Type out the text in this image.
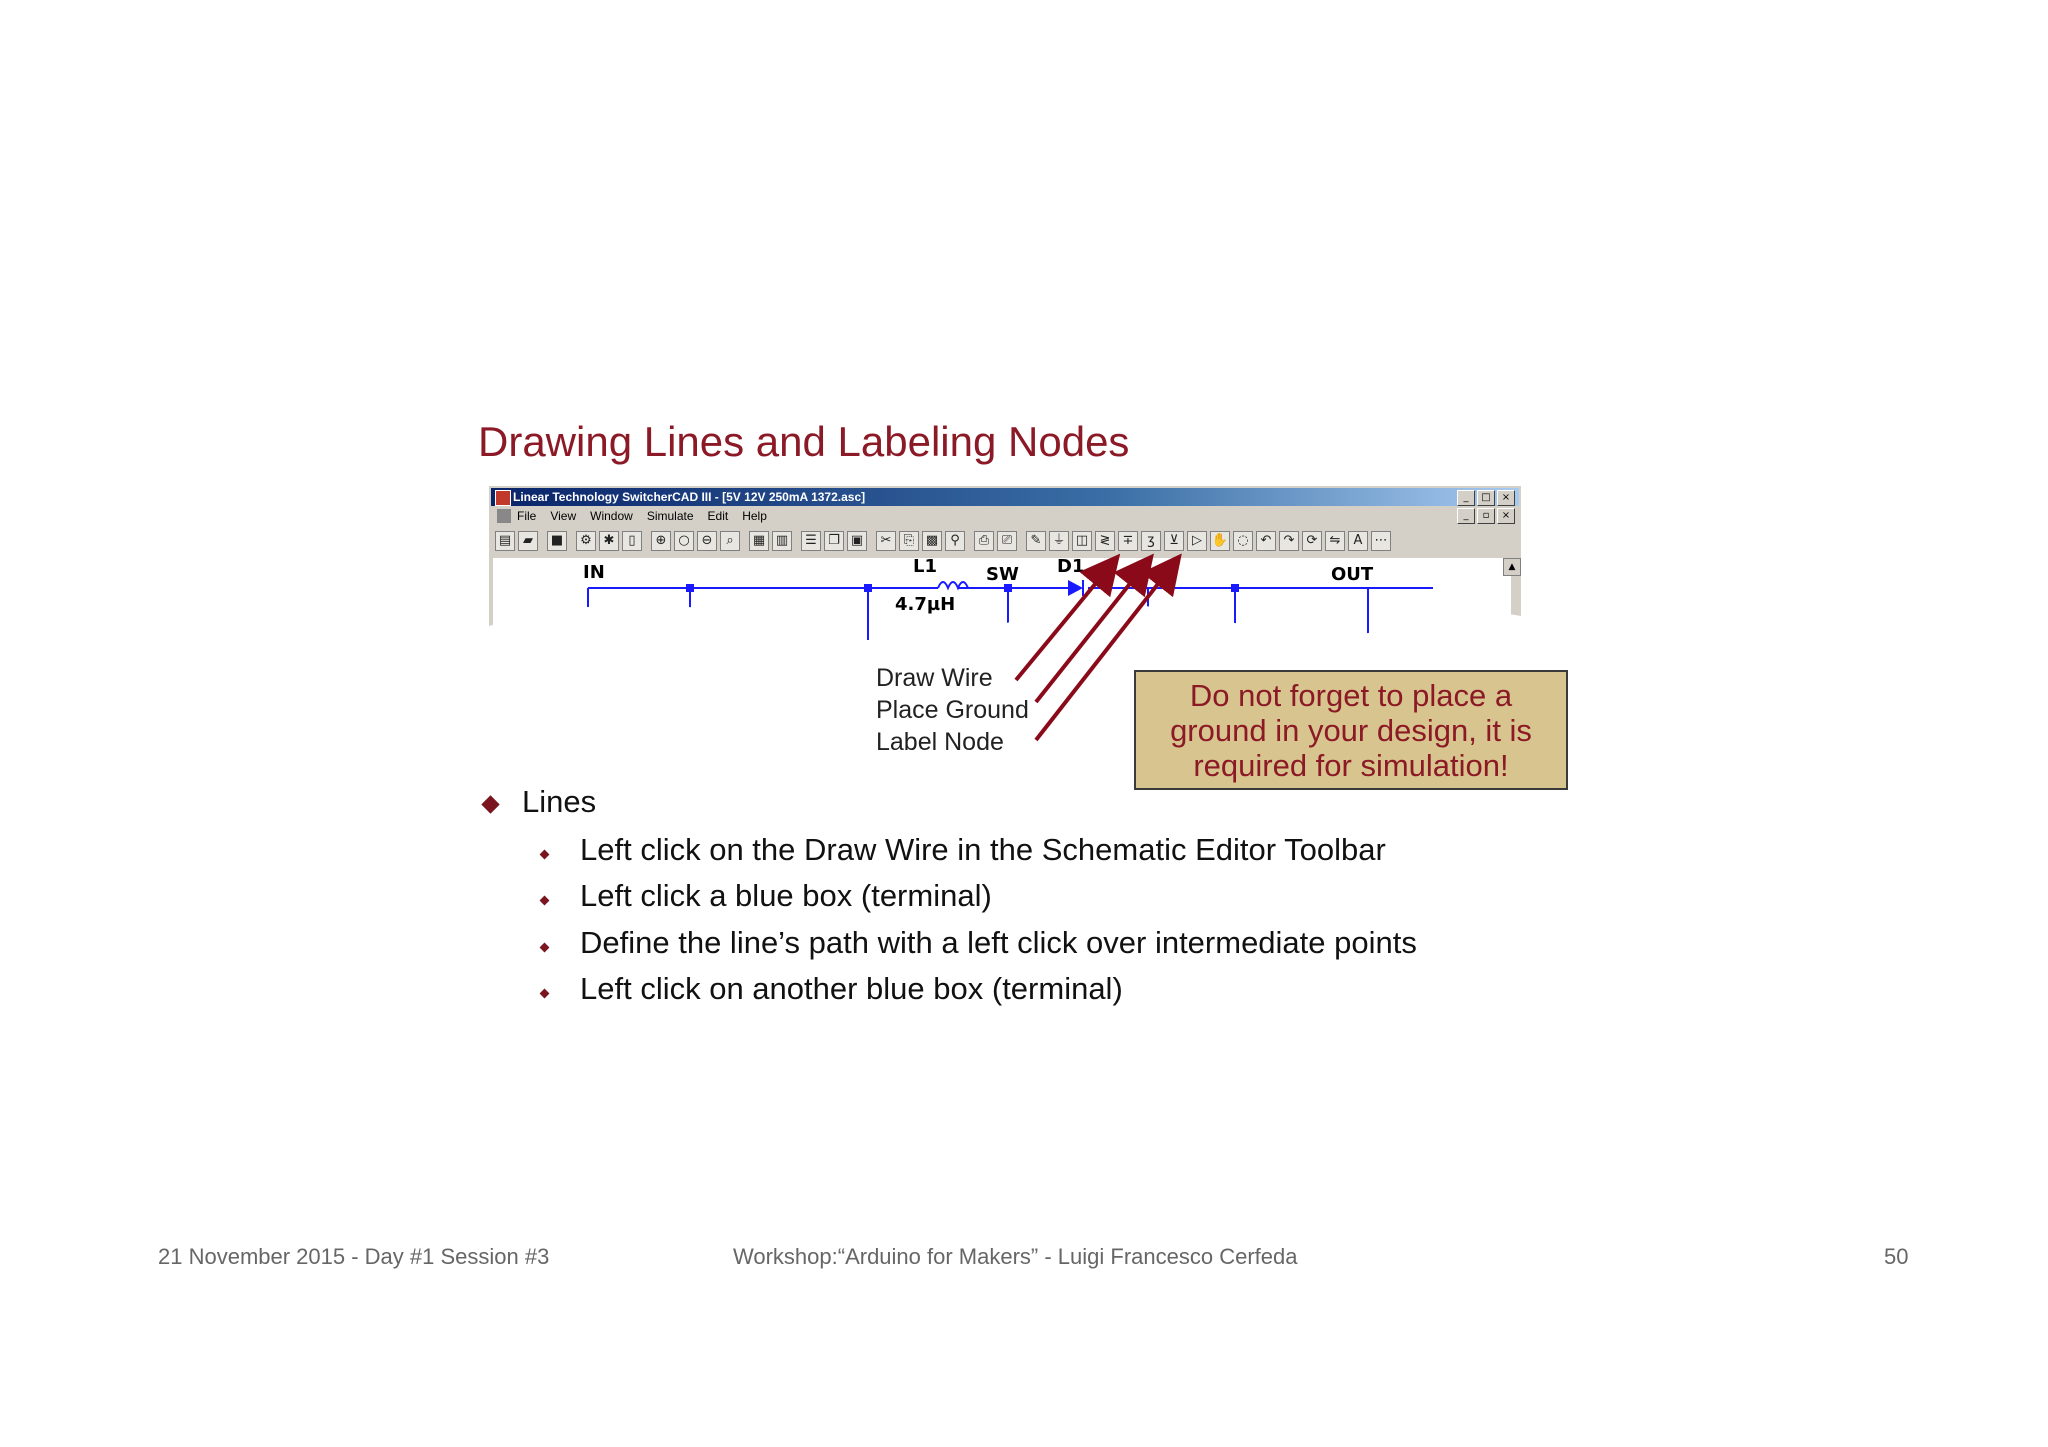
Drawing Lines and Labeling Nodes
Linear Technology SwitcherCAD III - [5V 12V 250mA 1372.asc]	_	□	×
File View Window Simulate Edit Help	_	▫	×
▤ ▰	■	⚙ ✱	▯	⊕ ○ ⊖	⌕	▦ ▥	☰ ❐ ▣	✂ ⎘ ▩ ⚲	⎙ ⎚	✎ ⏚ ◫ ≷ ∓	ʒ	⊻	▷ ✋ ◌ ↶ ↷ ⟳ ⇋	A ⋯
IN	L1
4.7µH
SW D1	OUT	▲
Draw Wire
Place Ground
Label Node
Do not forget to place a ground in your design, it is required for simulation!
Lines
Left click on the Draw Wire in the Schematic Editor Toolbar
Left click a blue box (terminal)
Define the line’s path with a left click over intermediate points
Left click on another blue box (terminal)
21 November 2015 - Day #1 Session #3	Workshop:“Arduino for Makers” - Luigi Francesco Cerfeda	50
